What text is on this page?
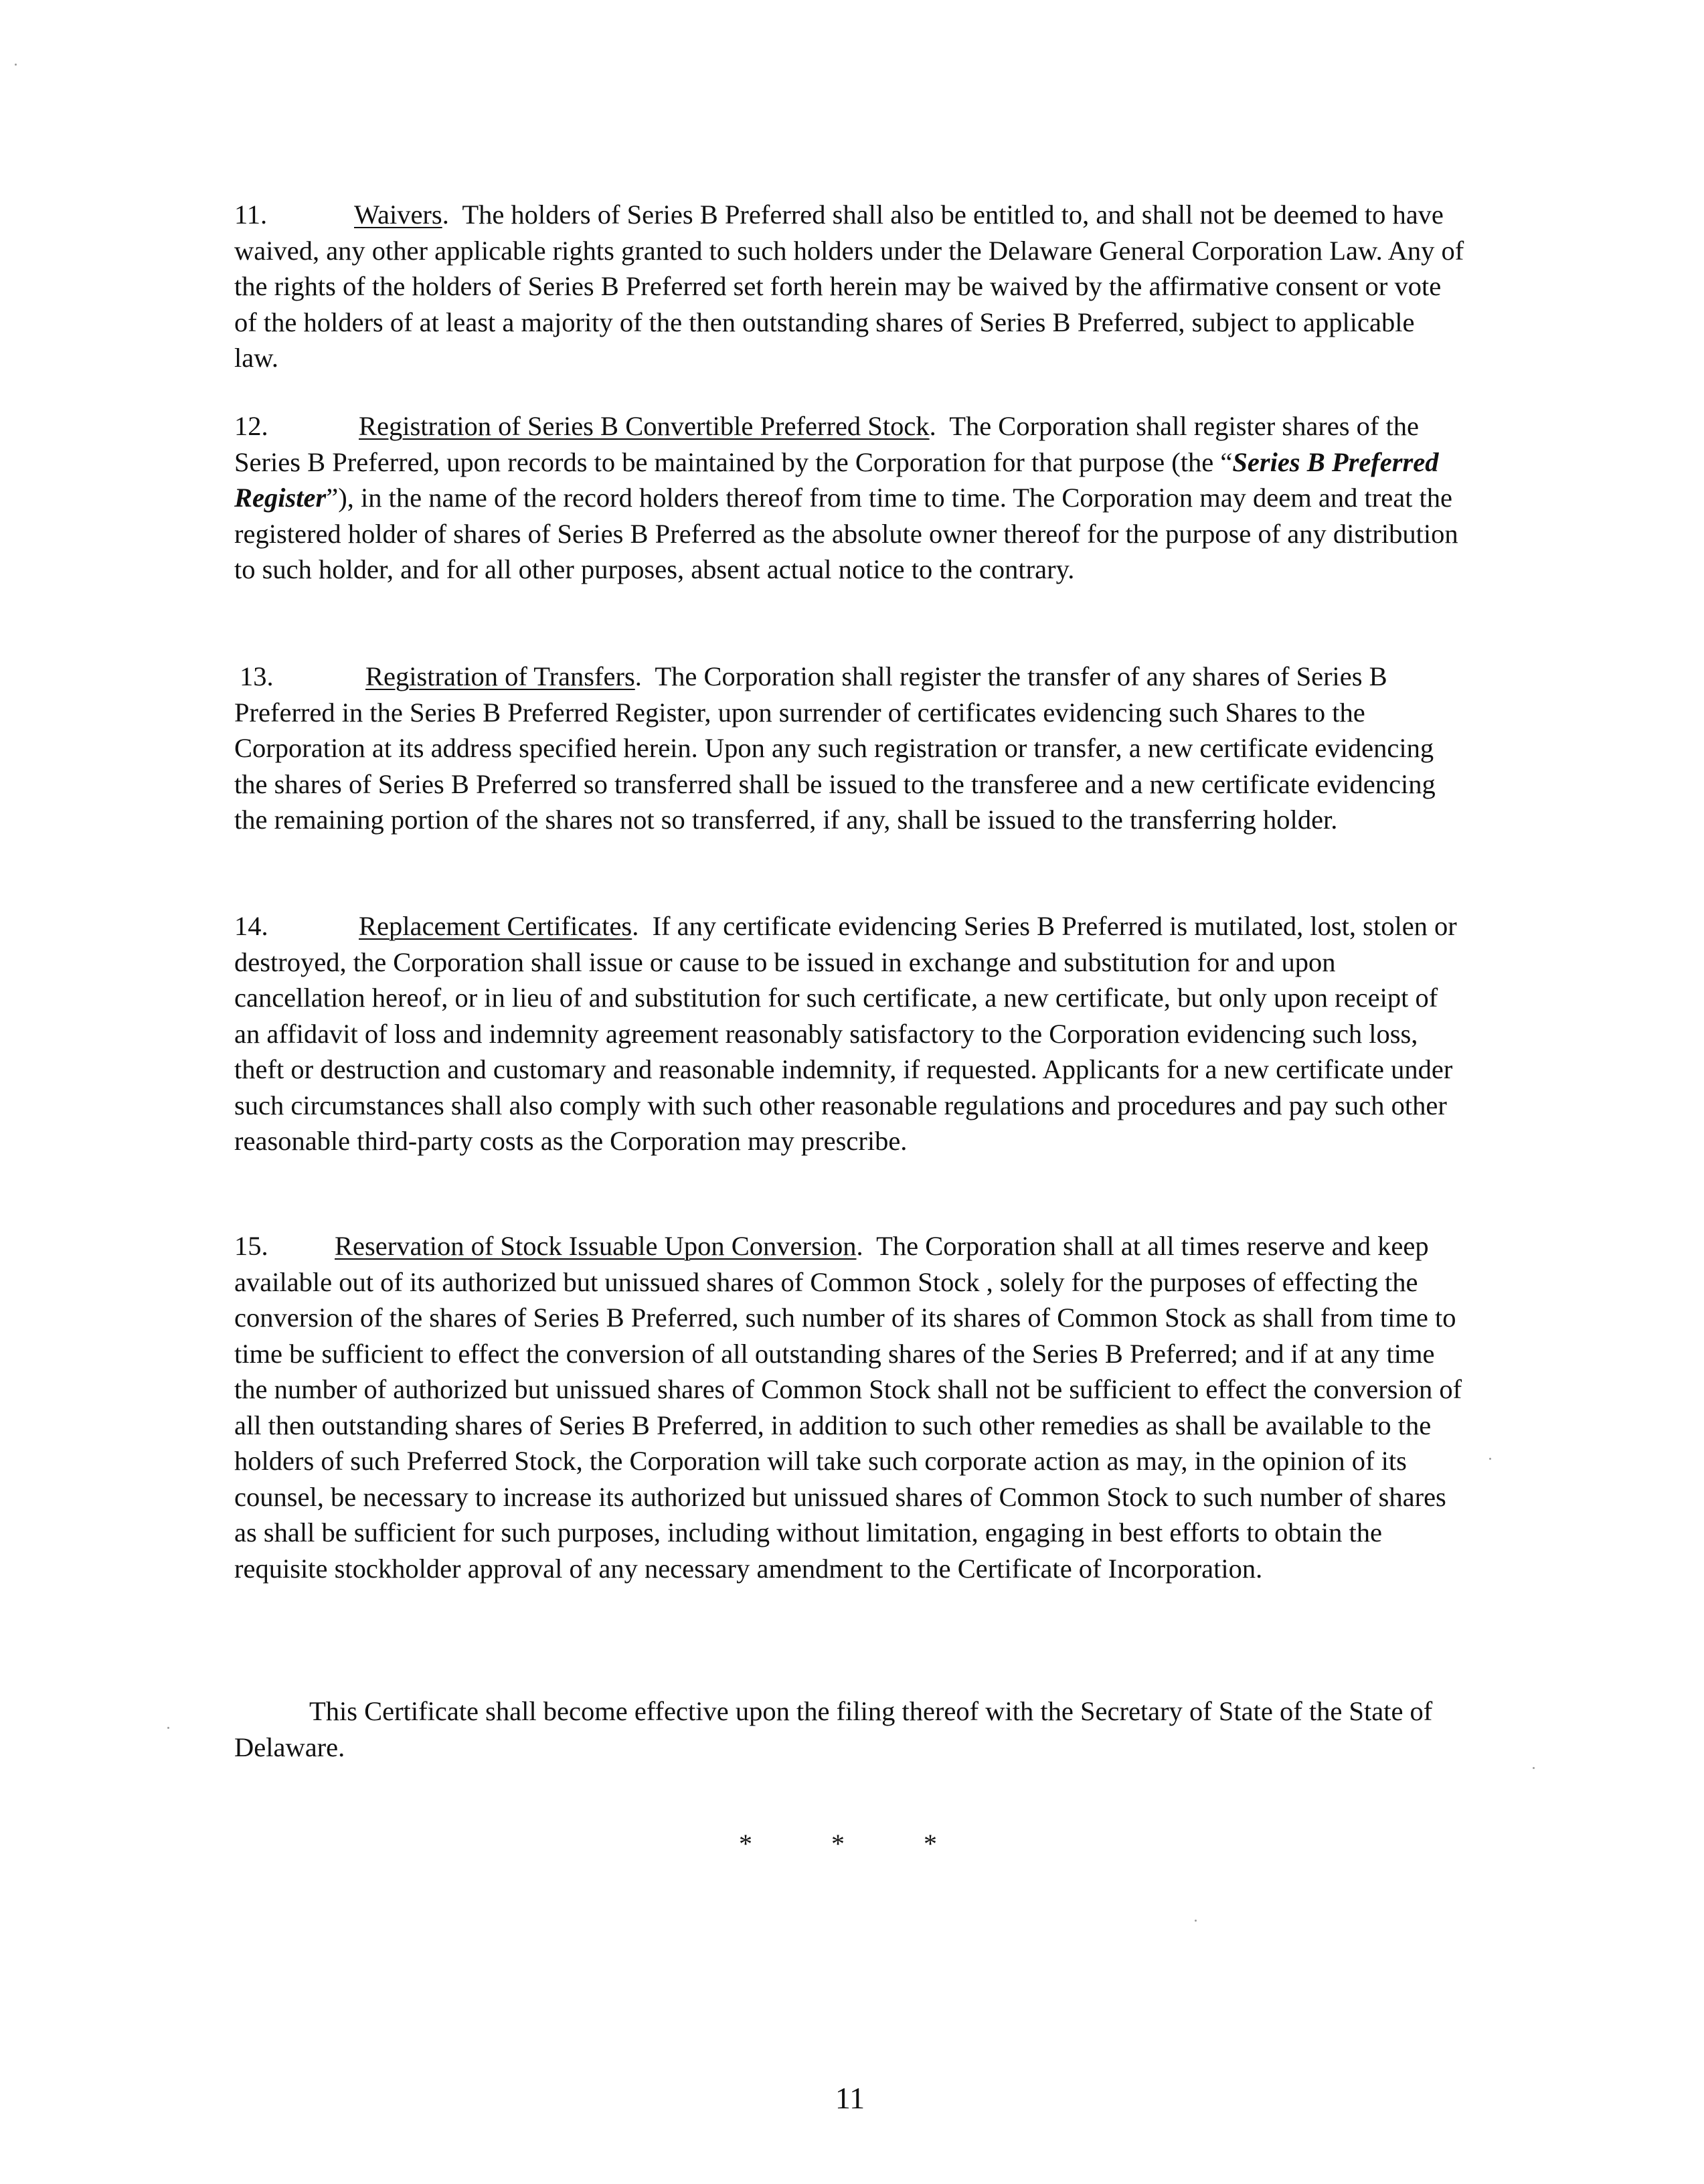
11.	Waivers.  The holders of Series B Preferred shall also be entitled to, and shall not be deemed to have waived, any other applicable rights granted to such holders under the Delaware General Corporation Law. Any of the rights of the holders of Series B Preferred set forth herein may be waived by the affirmative consent or vote of the holders of at least a majority of the then outstanding shares of Series B Preferred, subject to applicable law.
12.	Registration of Series B Convertible Preferred Stock.  The Corporation shall register shares of the Series B Preferred, upon records to be maintained by the Corporation for that purpose (the “Series B Preferred Register”), in the name of the record holders thereof from time to time. The Corporation may deem and treat the registered holder of shares of Series B Preferred as the absolute owner thereof for the purpose of any distribution to such holder, and for all other purposes, absent actual notice to the contrary.
13.	Registration of Transfers.  The Corporation shall register the transfer of any shares of Series B Preferred in the Series B Preferred Register, upon surrender of certificates evidencing such Shares to the Corporation at its address specified herein. Upon any such registration or transfer, a new certificate evidencing the shares of Series B Preferred so transferred shall be issued to the transferee and a new certificate evidencing the remaining portion of the shares not so transferred, if any, shall be issued to the transferring holder.
14.	Replacement Certificates.  If any certificate evidencing Series B Preferred is mutilated, lost, stolen or destroyed, the Corporation shall issue or cause to be issued in exchange and substitution for and upon cancellation hereof, or in lieu of and substitution for such certificate, a new certificate, but only upon receipt of an affidavit of loss and indemnity agreement reasonably satisfactory to the Corporation evidencing such loss, theft or destruction and customary and reasonable indemnity, if requested. Applicants for a new certificate under such circumstances shall also comply with such other reasonable regulations and procedures and pay such other reasonable third-party costs as the Corporation may prescribe.
15. Reservation of Stock Issuable Upon Conversion.  The Corporation shall at all times reserve and keep available out of its authorized but unissued shares of Common Stock , solely for the purposes of effecting the conversion of the shares of Series B Preferred, such number of its shares of Common Stock as shall from time to time be sufficient to effect the conversion of all outstanding shares of the Series B Preferred; and if at any time the number of authorized but unissued shares of Common Stock shall not be sufficient to effect the conversion of all then outstanding shares of Series B Preferred, in addition to such other remedies as shall be available to the holders of such Preferred Stock, the Corporation will take such corporate action as may, in the opinion of its counsel, be necessary to increase its authorized but unissued shares of Common Stock to such number of shares as shall be sufficient for such purposes, including without limitation, engaging in best efforts to obtain the requisite stockholder approval of any necessary amendment to the Certificate of Incorporation.
This Certificate shall become effective upon the filing thereof with the Secretary of State of the State of Delaware.
*	*	*
11
